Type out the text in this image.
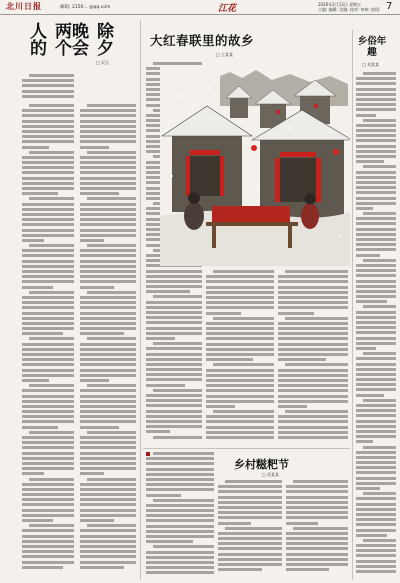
北川日报	邮箱: 2150... @qq.com	江花	2026年2月13日 星期五
主编: 编辑: 美编: 校对: 审核: 值班: 7
两个人的	除夕晚会
□ 吴玉
大红春联里的故乡
□ 王某某
乡俗年趣
□ 刘某某
乡村糍粑节
□ 袁某某
